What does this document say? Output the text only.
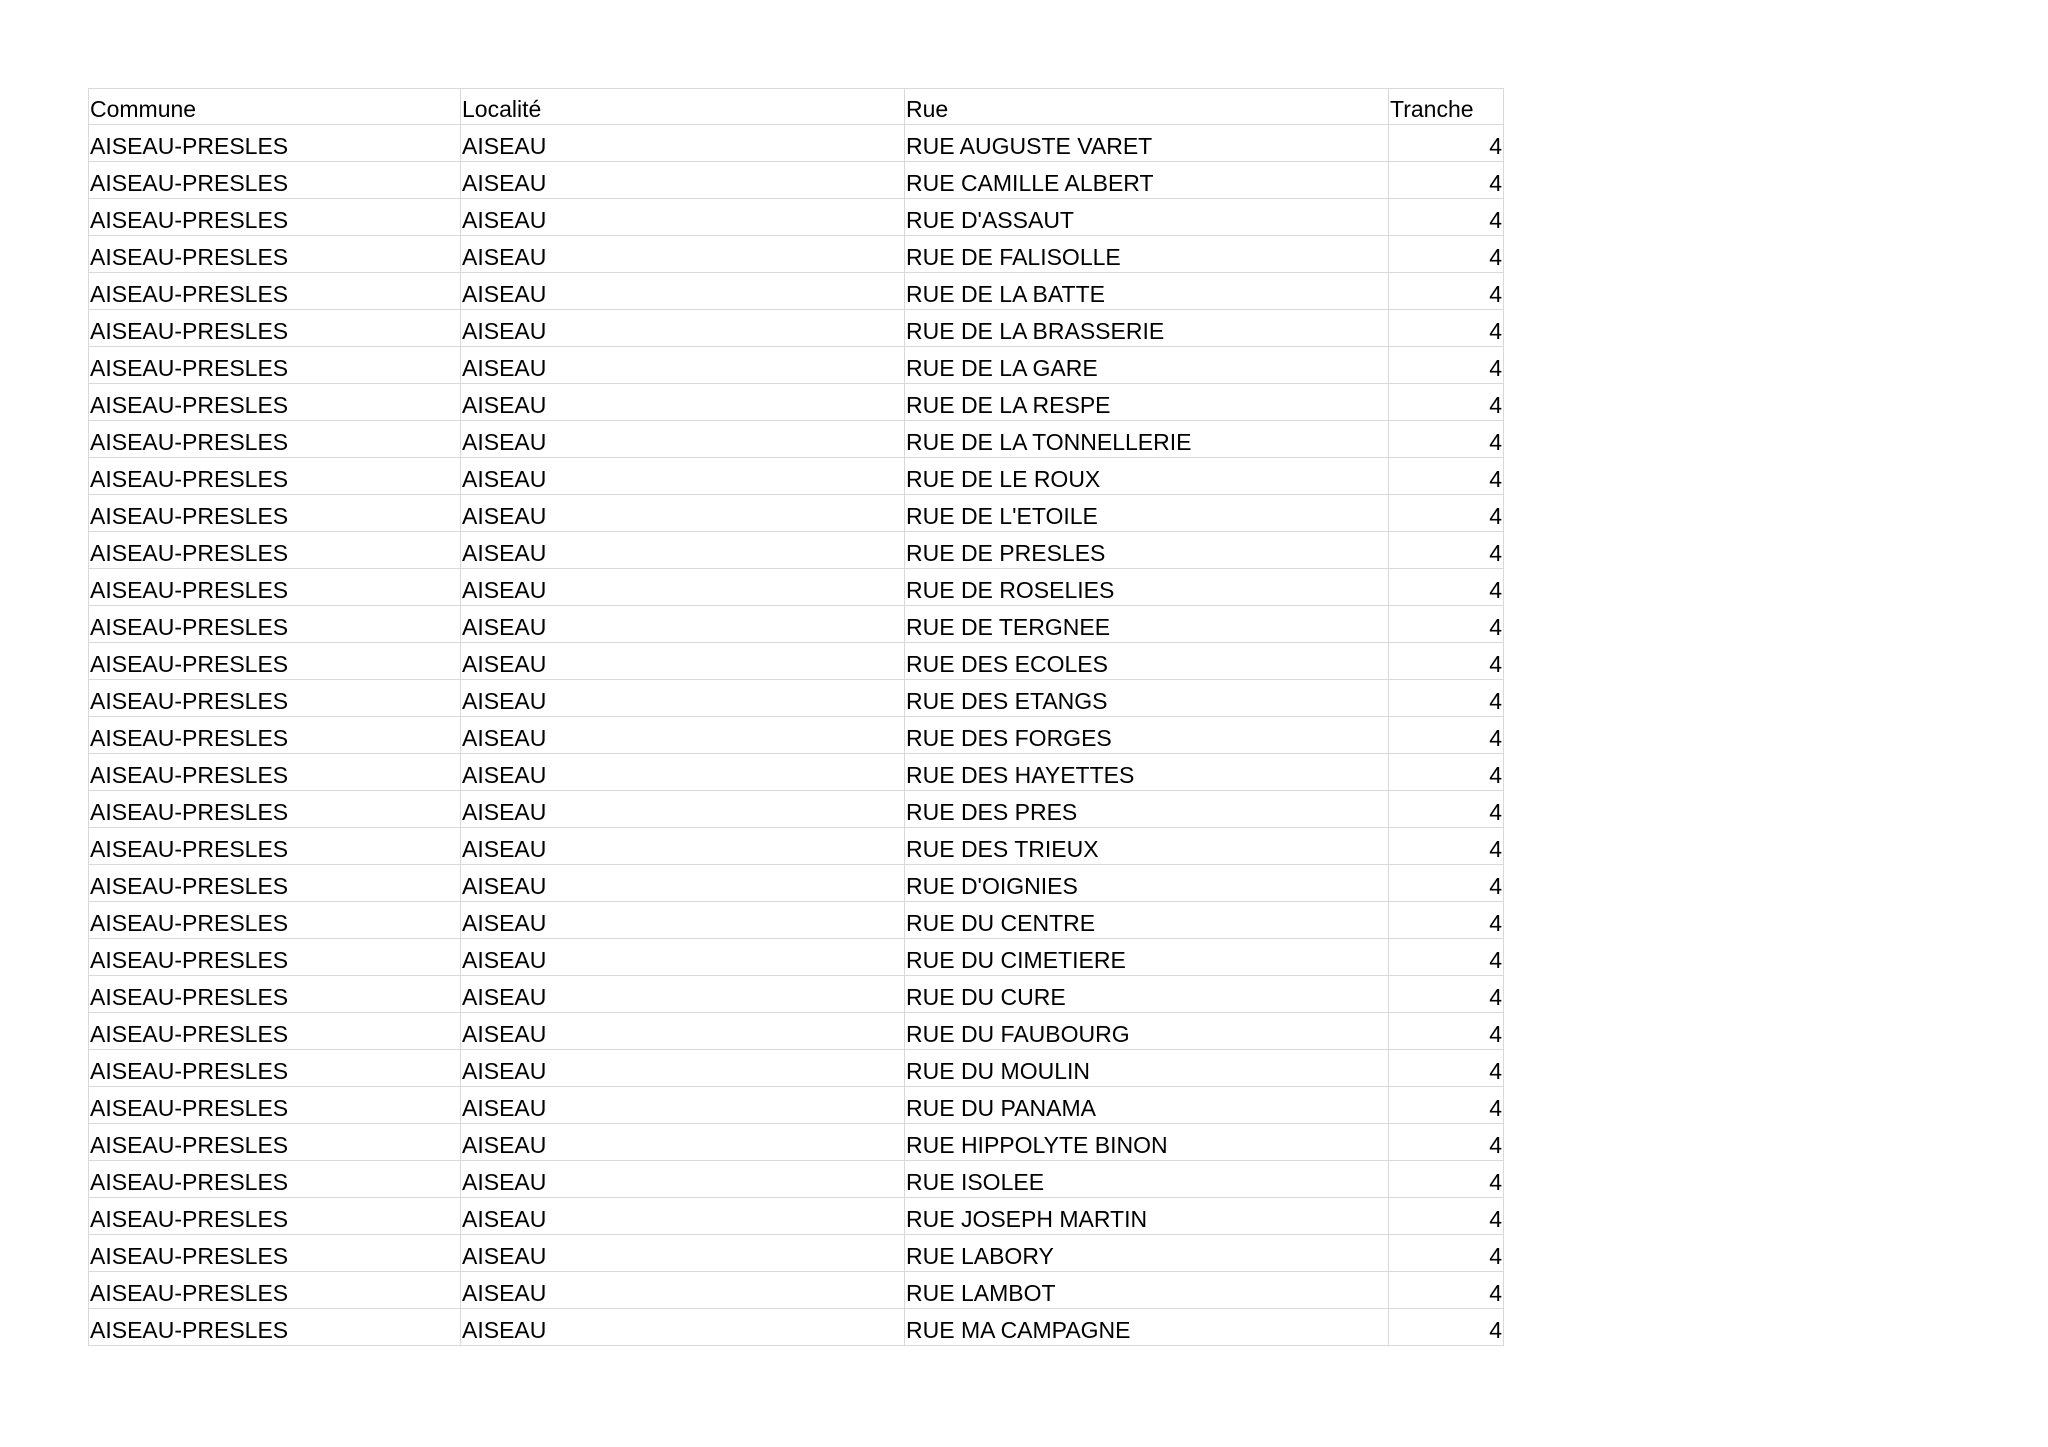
Commune	Localité	Rue	Tranche
AISEAU-PRESLES	AISEAU	RUE AUGUSTE VARET	4
AISEAU-PRESLES	AISEAU	RUE CAMILLE ALBERT	4
AISEAU-PRESLES	AISEAU	RUE D'ASSAUT	4
AISEAU-PRESLES	AISEAU	RUE DE FALISOLLE	4
AISEAU-PRESLES	AISEAU	RUE DE LA BATTE	4
AISEAU-PRESLES	AISEAU	RUE DE LA BRASSERIE	4
AISEAU-PRESLES	AISEAU	RUE DE LA GARE	4
AISEAU-PRESLES	AISEAU	RUE DE LA RESPE	4
AISEAU-PRESLES	AISEAU	RUE DE LA TONNELLERIE	4
AISEAU-PRESLES	AISEAU	RUE DE LE ROUX	4
AISEAU-PRESLES	AISEAU	RUE DE L'ETOILE	4
AISEAU-PRESLES	AISEAU	RUE DE PRESLES	4
AISEAU-PRESLES	AISEAU	RUE DE ROSELIES	4
AISEAU-PRESLES	AISEAU	RUE DE TERGNEE	4
AISEAU-PRESLES	AISEAU	RUE DES ECOLES	4
AISEAU-PRESLES	AISEAU	RUE DES ETANGS	4
AISEAU-PRESLES	AISEAU	RUE DES FORGES	4
AISEAU-PRESLES	AISEAU	RUE DES HAYETTES	4
AISEAU-PRESLES	AISEAU	RUE DES PRES	4
AISEAU-PRESLES	AISEAU	RUE DES TRIEUX	4
AISEAU-PRESLES	AISEAU	RUE D'OIGNIES	4
AISEAU-PRESLES	AISEAU	RUE DU CENTRE	4
AISEAU-PRESLES	AISEAU	RUE DU CIMETIERE	4
AISEAU-PRESLES	AISEAU	RUE DU CURE	4
AISEAU-PRESLES	AISEAU	RUE DU FAUBOURG	4
AISEAU-PRESLES	AISEAU	RUE DU MOULIN	4
AISEAU-PRESLES	AISEAU	RUE DU PANAMA	4
AISEAU-PRESLES	AISEAU	RUE HIPPOLYTE BINON	4
AISEAU-PRESLES	AISEAU	RUE ISOLEE	4
AISEAU-PRESLES	AISEAU	RUE JOSEPH MARTIN	4
AISEAU-PRESLES	AISEAU	RUE LABORY	4
AISEAU-PRESLES	AISEAU	RUE LAMBOT	4
AISEAU-PRESLES	AISEAU	RUE MA CAMPAGNE	4
